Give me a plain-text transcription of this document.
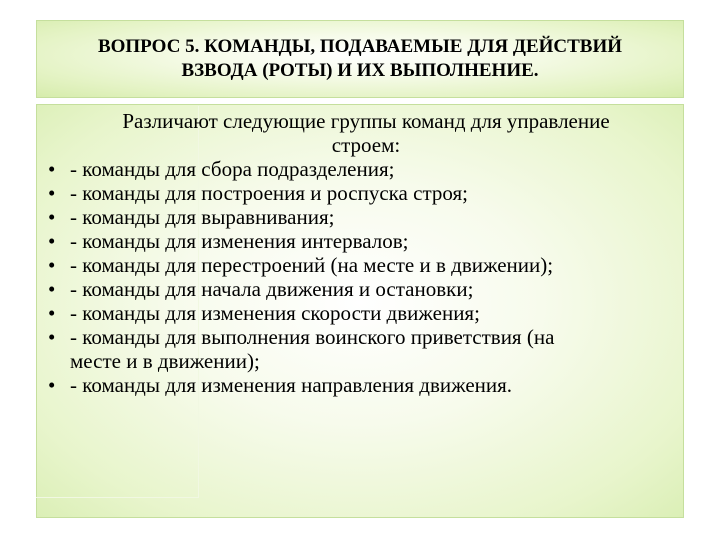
ВОПРОС 5. КОМАНДЫ, ПОДАВАЕМЫЕ ДЛЯ ДЕЙСТВИЙ
ВЗВОДА (РОТЫ) И ИХ ВЫПОЛНЕНИЕ.

Различают следующие группы команд для управление
строем:

• - команды для сбора подразделения;
• - команды для построения и роспуска строя;
• - команды для выравнивания;
• - команды для изменения интервалов;
• - команды для перестроений (на месте и в движении);
• - команды для начала движения и остановки;
• - команды для изменения скорости движения;
• - команды для выполнения воинского приветствия (на
месте и в движении);
• - команды для изменения направления движения.
